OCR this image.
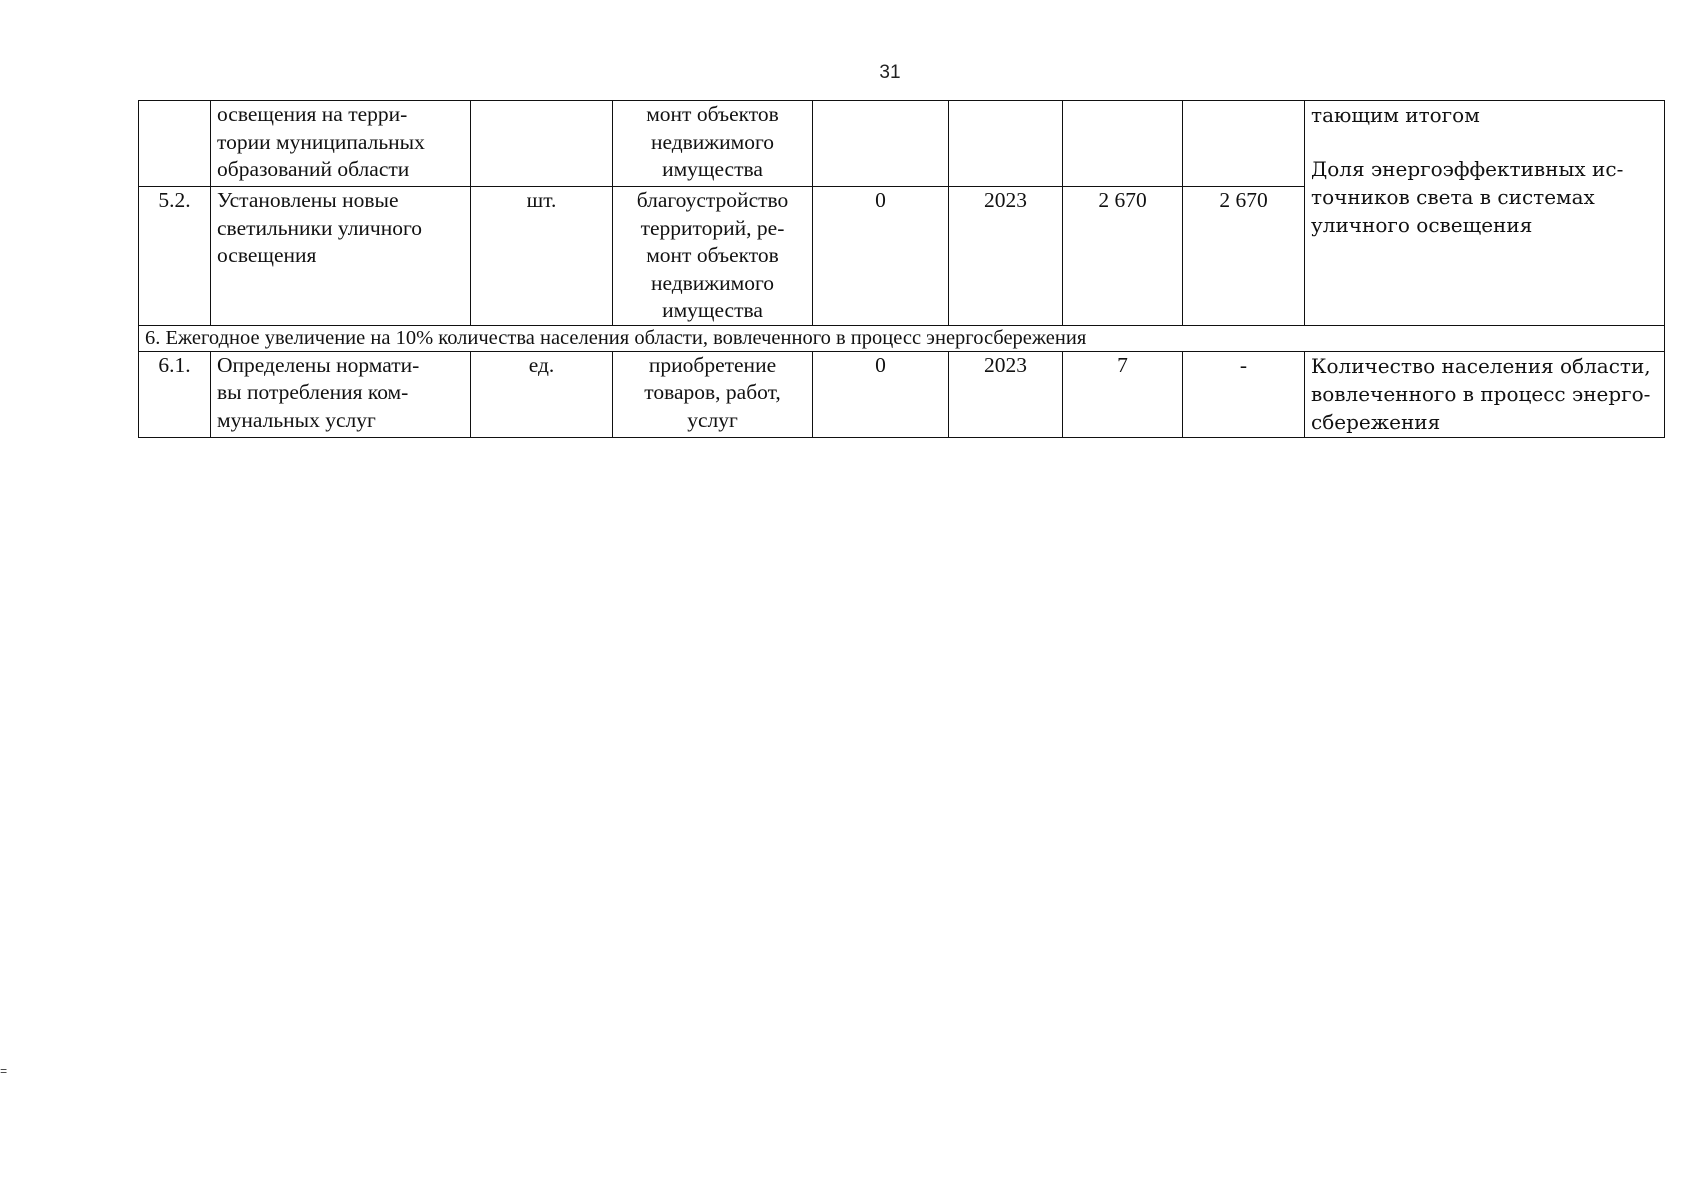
31
	освещения на терри-
тории муниципальных
образований области		монт объектов
недвижимого
имущества					тающим итогом
Доля энергоэффективных ис-
точников света в системах
уличного освещения
5.2.	Установлены новые
светильники уличного
освещения	шт.	благоустройство
территорий, ре-
монт объектов
недвижимого
имущества	0	2023	2 670	2 670	
6. Ежегодное увеличение на 10% количества населения области, вовлеченного в процесс энергосбережения								
6.1.	Определены нормати-
вы потребления ком-
мунальных услуг	ед.	приобретение
товаров, работ,
услуг	0	2023	7	-	Количество населения области,
вовлеченного в процесс энерго-
сбережения
=
